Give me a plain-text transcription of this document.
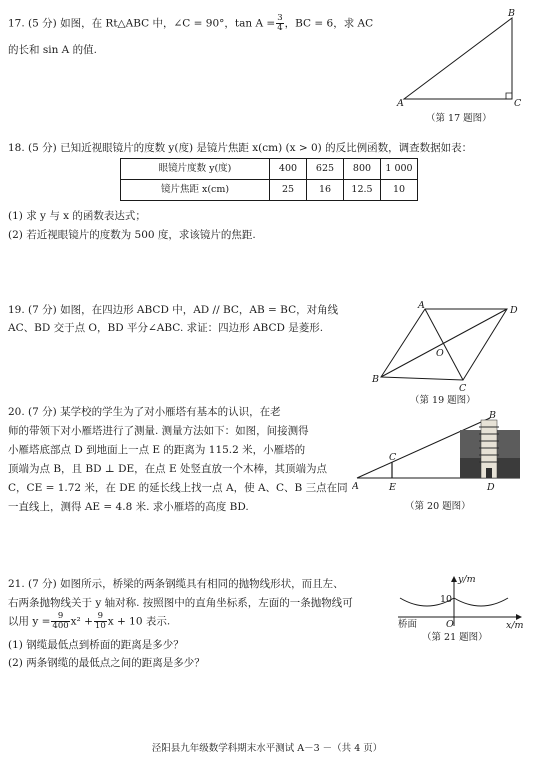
17. (5 分) 如图，在 Rt△ABC 中，∠C = 90°，$\tan A = \frac{3}{4}$ ，BC = 6，求 AC
的长和 sin A 的值.
A
B
C
（第 17 题图）
18. (5 分) 已知近视眼镜片的度数 y(度) 是镜片焦距 x(cm) (x > 0) 的反比例函数，调查数据如表：
眼镜片度数 y(度)	400	625	800	1 000
镜片焦距 x(cm)	25	16	12.5	10
(1) 求 y 与 x 的函数表达式；
(2) 若近视眼镜片的度数为 500 度，求该镜片的焦距.
19. (7 分) 如图，在四边形 ABCD 中，AD // BC，AB = BC，对角线
AC、BD 交于点 O，BD 平分∠ABC. 求证：四边形 ABCD 是菱形.
A	D
B
C
O
（第 19 题图）
20. (7 分) 某学校的学生为了对小雁塔有基本的认识，在老
师的带领下对小雁塔进行了测量. 测量方法如下：如图，间接测得
小雁塔底部点 D 到地面上一点 E 的距离为 115.2 米，小雁塔的
顶端为点 B，且 BD ⊥ DE，在点 E 处竖直放一个木棒，其顶端为点
C，CE = 1.72 米，在 DE 的延长线上找一点 A，使 A、C、B 三点在同
一直线上，测得 AE = 4.8 米. 求小雁塔的高度 BD.
A
C
E	D
B
（第 20 题图）
21. (7 分) 如图所示，桥梁的两条钢缆具有相同的抛物线形状，而且左、
右两条抛物线关于 y 轴对称. 按照图中的直角坐标系，左面的一条抛物线可
以用 $y = \frac{9}{400} x^2 + \frac{9}{10}$ x + 10 表示.
(1) 钢缆最低点到桥面的距离是多少？
(2) 两条钢缆的最低点之间的距离是多少？
y/m
x/m
10
O
桥面
（第 21 题图）
泾阳县九年级数学科期末水平测试 A－3 －（共 4 页）
